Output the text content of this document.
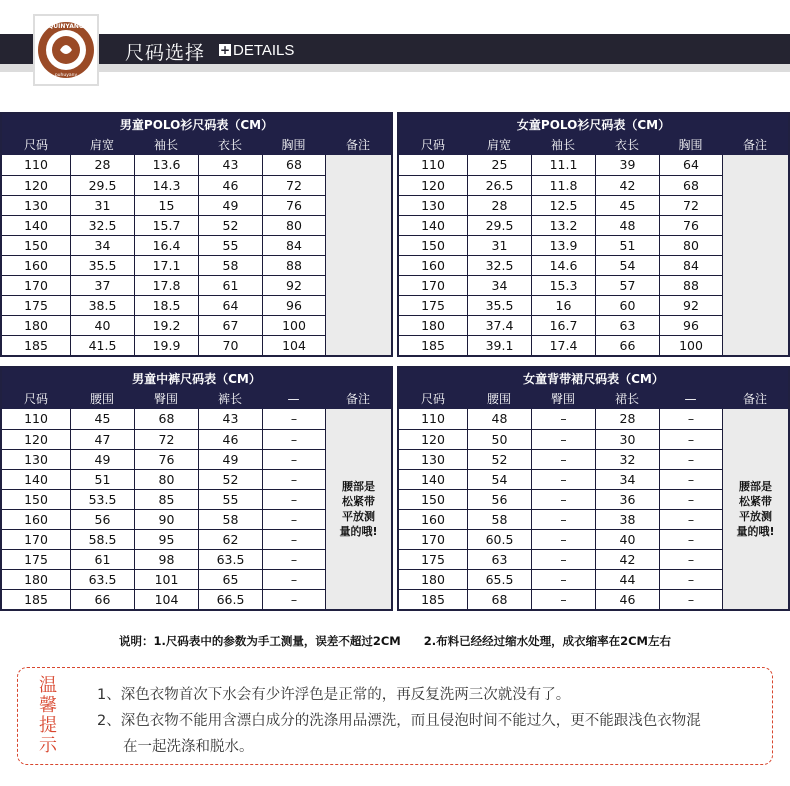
QUINYANG
puhuyany
尺码选择 + DETAILS
男童POLO衫尺码表（CM）
尺码	肩宽	袖长	衣长	胸围	备注
110	28	13.6	43	68
120	29.5	14.3	46	72
130	31	15	49	76
140	32.5	15.7	52	80
150	34	16.4	55	84
160	35.5	17.1	58	88
170	37	17.8	61	92
175	38.5	18.5	64	96
180	40	19.2	67	100
185	41.5	19.9	70	104
女童POLO衫尺码表（CM）
尺码	肩宽	袖长	衣长	胸围	备注
110	25	11.1	39	64
120	26.5	11.8	42	68
130	28	12.5	45	72
140	29.5	13.2	48	76
150	31	13.9	51	80
160	32.5	14.6	54	84
170	34	15.3	57	88
175	35.5	16	60	92
180	37.4	16.7	63	96
185	39.1	17.4	66	100
男童中裤尺码表（CM）
尺码	腰围	臀围	裤长	—	备注
110	45	68	43	–
120	47	72	46	–
130	49	76	49	–
140	51	80	52	–
150	53.5	85	55	–
160	56	90	58	–
170	58.5	95	62	–
175	61	98	63.5	–
180	63.5	101	65	–
185	66	104	66.5	–
腰部是
松紧带
平放测
量的哦!
女童背带裙尺码表（CM）
尺码	腰围	臀围	裙长	—	备注
110	48	–	28	–
120	50	–	30	–
130	52	–	32	–
140	54	–	34	–
150	56	–	36	–
160	58	–	38	–
170	60.5	–	40	–
175	63	–	42	–
180	65.5	–	44	–
185	68	–	46	–
腰部是
松紧带
平放测
量的哦!
说明：1.尺码表中的参数为手工测量，误差不超过2CM　　2.布料已经经过缩水处理，成衣缩率在2CM左右
温
馨
提
示
1、深色衣物首次下水会有少许浮色是正常的，再反复洗两三次就没有了。
2、深色衣物不能用含漂白成分的洗涤用品漂洗，而且侵泡时间不能过久，更不能跟浅色衣物混
在一起洗涤和脱水。
